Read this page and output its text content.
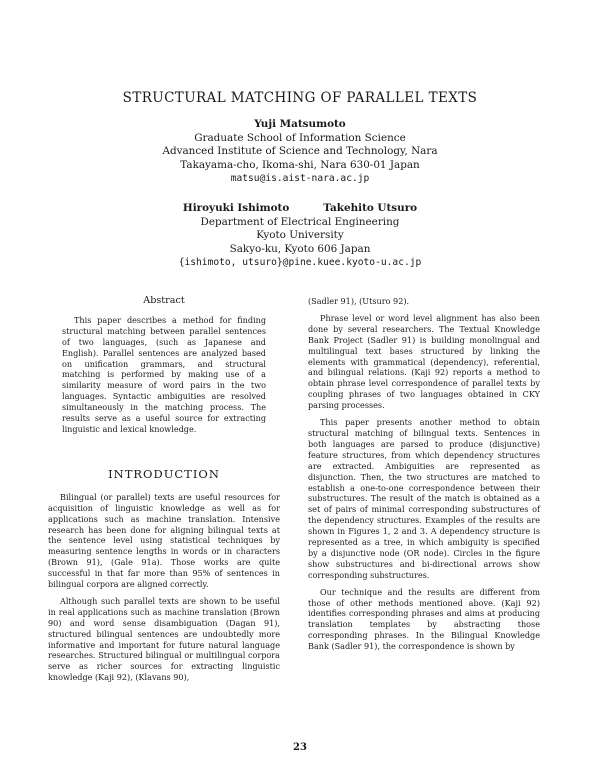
STRUCTURAL MATCHING OF PARALLEL TEXTS
Yuji Matsumoto
Graduate School of Information Science
Advanced Institute of Science and Technology, Nara
Takayama-cho, Ikoma-shi, Nara 630-01 Japan
matsu@is.aist-nara.ac.jp
Hiroyuki Ishimoto	Takehito Utsuro
Department of Electrical Engineering
Kyoto University
Sakyo-ku, Kyoto 606 Japan
{ishimoto, utsuro}@pine.kuee.kyoto-u.ac.jp
Abstract

This paper describes a method for finding structural matching between parallel sentences of two languages, (such as Japanese and English). Parallel sentences are analyzed based on unification grammars, and structural matching is performed by making use of a similarity measure of word pairs in the two languages. Syntactic ambiguities are resolved simultaneously in the matching process. The results serve as a useful source for extracting linguistic and lexical knowledge.

INTRODUCTION

Bilingual (or parallel) texts are useful resources for acquisition of linguistic knowledge as well as for applications such as machine translation. Intensive research has been done for aligning bilingual texts at the sentence level using statistical techniques by measuring sentence lengths in words or in characters (Brown 91), (Gale 91a). Those works are quite successful in that far more than 95% of sentences in bilingual corpora are aligned correctly.

Although such parallel texts are shown to be useful in real applications such as machine translation (Brown 90) and word sense disambiguation (Dagan 91), structured bilingual sentences are undoubtedly more informative and important for future natural language researches. Structured bilingual or multilingual corpora serve as richer sources for extracting linguistic knowledge (Kaji 92), (Klavans 90),

(Sadler 91), (Utsuro 92).

Phrase level or word level alignment has also been done by several researchers. The Textual Knowledge Bank Project (Sadler 91) is building monolingual and multilingual text bases structured by linking the elements with grammatical (dependency), referential, and bilingual relations. (Kaji 92) reports a method to obtain phrase level correspondence of parallel texts by coupling phrases of two languages obtained in CKY parsing processes.

This paper presents another method to obtain structural matching of bilingual texts. Sentences in both languages are parsed to produce (disjunctive) feature structures, from which dependency structures are extracted. Ambiguities are represented as disjunction. Then, the two structures are matched to establish a one-to-one correspondence between their substructures. The result of the match is obtained as a set of pairs of minimal corresponding substructures of the dependency structures. Examples of the results are shown in Figures 1, 2 and 3. A dependency structure is represented as a tree, in which ambiguity is specified by a disjunctive node (OR node). Circles in the figure show substructures and bi-directional arrows show corresponding substructures.

Our technique and the results are different from those of other methods mentioned above. (Kaji 92) identifies corresponding phrases and aims at producing translation templates by abstracting those corresponding phrases. In the Bilingual Knowledge Bank (Sadler 91), the correspondence is shown by

23
